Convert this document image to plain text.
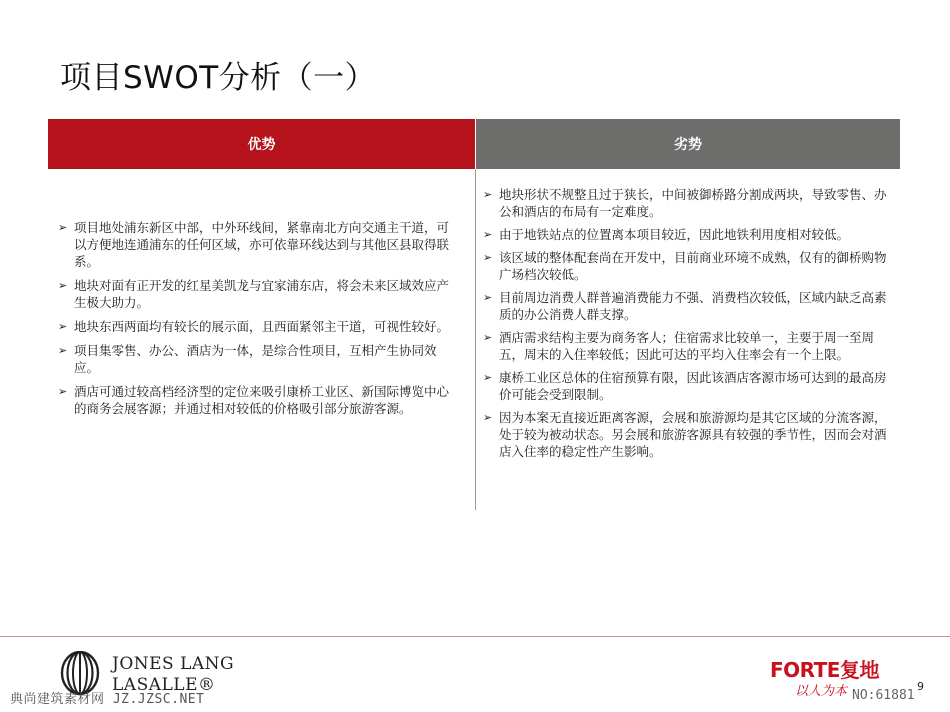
项目SWOT分析（一）
优势	劣势
➢ 项目地处浦东新区中部，中外环线间，紧靠南北方向交通主干道，可以方便地连通浦东的任何区域，亦可依靠环线达到与其他区县取得联系。
➢ 地块对面有正开发的红星美凯龙与宜家浦东店，将会未来区域效应产生极大助力。
➢ 地块东西两面均有较长的展示面，且西面紧邻主干道，可视性较好。
➢ 项目集零售、办公、酒店为一体，是综合性项目，互相产生协同效应。
➢ 酒店可通过较高档经济型的定位来吸引康桥工业区、新国际博览中心的商务会展客源；并通过相对较低的价格吸引部分旅游客源。
➢ 地块形状不规整且过于狭长，中间被御桥路分割成两块，导致零售、办公和酒店的布局有一定难度。
➢ 由于地铁站点的位置离本项目较近，因此地铁利用度相对较低。
➢ 该区域的整体配套尚在开发中，目前商业环境不成熟，仅有的御桥购物广场档次较低。
➢ 目前周边消费人群普遍消费能力不强、消费档次较低，区域内缺乏高素质的办公消费人群支撑。
➢ 酒店需求结构主要为商务客人；住宿需求比较单一，主要于周一至周五，周末的入住率较低；因此可达的平均入住率会有一个上限。
➢ 康桥工业区总体的住宿预算有限，因此该酒店客源市场可达到的最高房价可能会受到限制。
➢ 因为本案无直接近距离客源，会展和旅游源均是其它区域的分流客源，处于较为被动状态。另会展和旅游客源具有较强的季节性，因而会对酒店入住率的稳定性产生影响。
JONES LANG
LASALLE®
典尚建筑素材网 JZ.JZSC.NET
FORTE复地
以人为本 NO:61881
9
